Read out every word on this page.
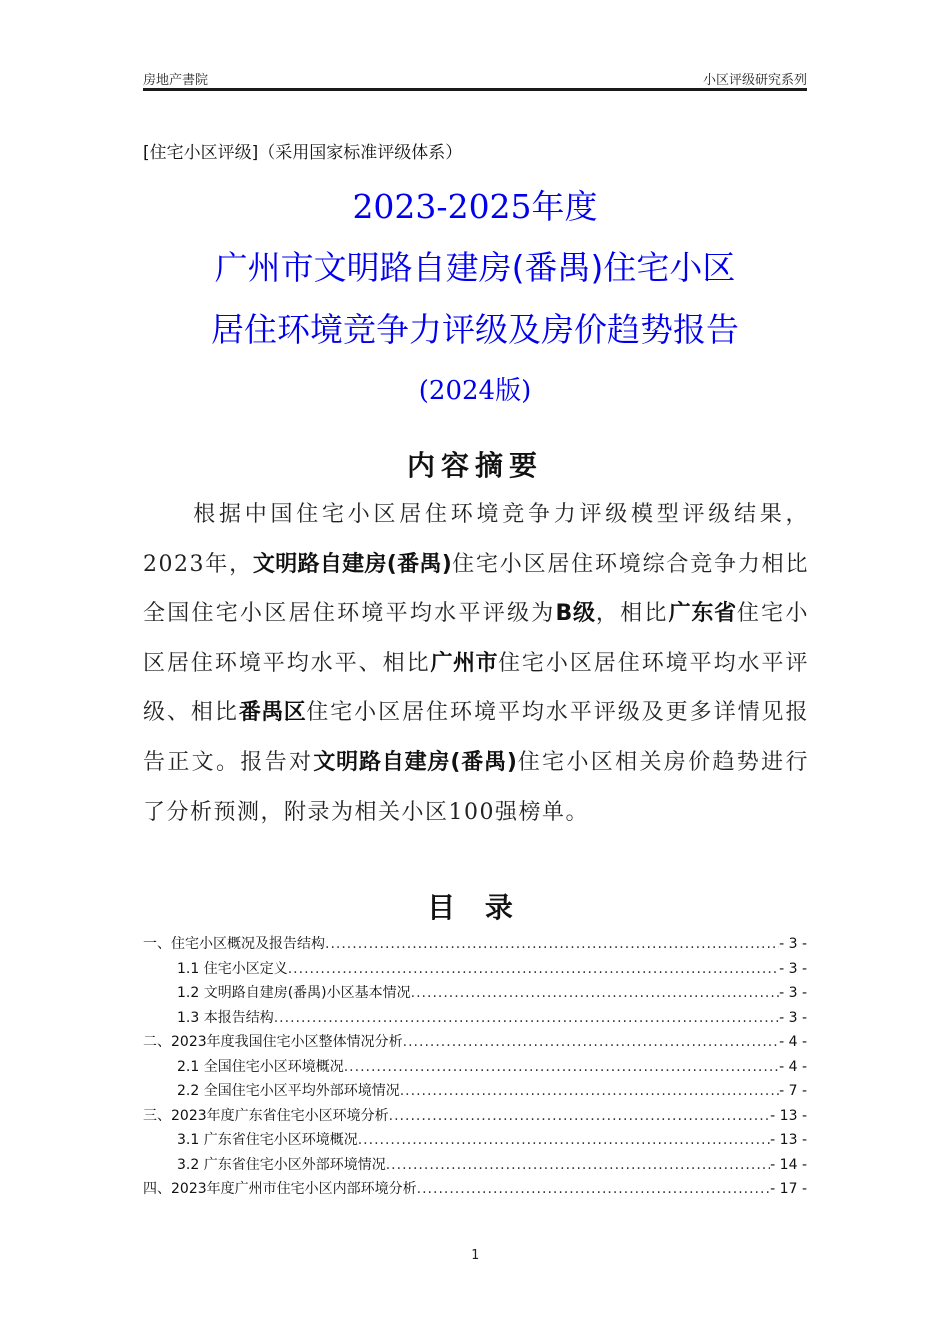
房地产書院	小区评级研究系列
[住宅小区评级]（采用国家标准评级体系）
2023-2025年度
广州市文明路自建房(番禺)住宅小区
居住环境竞争力评级及房价趋势报告
(2024版)
内容摘要
根据中国住宅小区居住环境竞争力评级模型评级结果，2023年，文明路自建房(番禺)住宅小区居住环境综合竞争力相比全国住宅小区居住环境平均水平评级为B级，相比广东省住宅小区居住环境平均水平、相比广州市住宅小区居住环境平均水平评级、相比番禺区住宅小区居住环境平均水平评级及更多详情见报告正文。报告对文明路自建房(番禺)住宅小区相关房价趋势进行了分析预测，附录为相关小区100强榜单。
目 录
一、住宅小区概况及报告结构 .....	- 3 -
1.1 住宅小区定义 .....	- 3 -
1.2 文明路自建房(番禺)小区基本情况 .....	- 3 -
1.3 本报告结构 .....	- 3 -
二、2023年度我国住宅小区整体情况分析 .....	- 4 -
2.1 全国住宅小区环境概况 .....	- 4 -
2.2 全国住宅小区平均外部环境情况 .....	- 7 -
三、2023年度广东省住宅小区环境分析 .....	- 13 -
3.1 广东省住宅小区环境概况 .....	- 13 -
3.2 广东省住宅小区外部环境情况 .....	- 14 -
四、2023年度广州市住宅小区内部环境分析 .....	- 17 -
1
